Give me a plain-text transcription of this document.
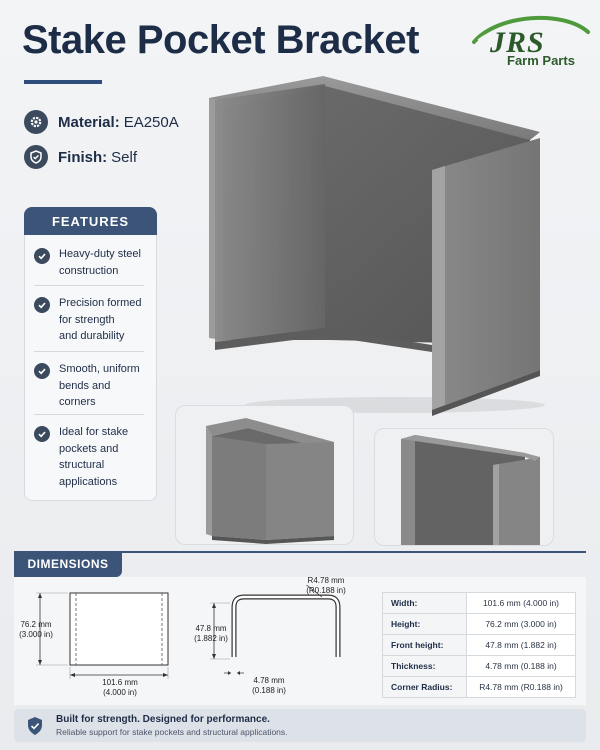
Stake Pocket Bracket JRS
Farm Parts
Material: EA250A
Finish: Self
FEATURES
Heavy-duty steel
construction
Precision formed
for strength
and durability
Smooth, uniform
bends and
corners
Ideal for stake
pockets and
structural
applications
DIMENSIONS
76.2 mm
(3.000 in)
101.6 mm
(4.000 in)
47.8 mm
(1.882 in)
R4.78 mm
(R0.188 in)
4.78 mm
(0.188 in)
Width:	101.6 mm (4.000 in)
Height:	76.2 mm (3.000 in)
Front height:	47.8 mm (1.882 in)
Thickness:	4.78 mm (0.188 in)
Corner Radius:	R4.78 mm (R0.188 in)
Built for strength. Designed for performance.
Reliable support for stake pockets and structural applications.
